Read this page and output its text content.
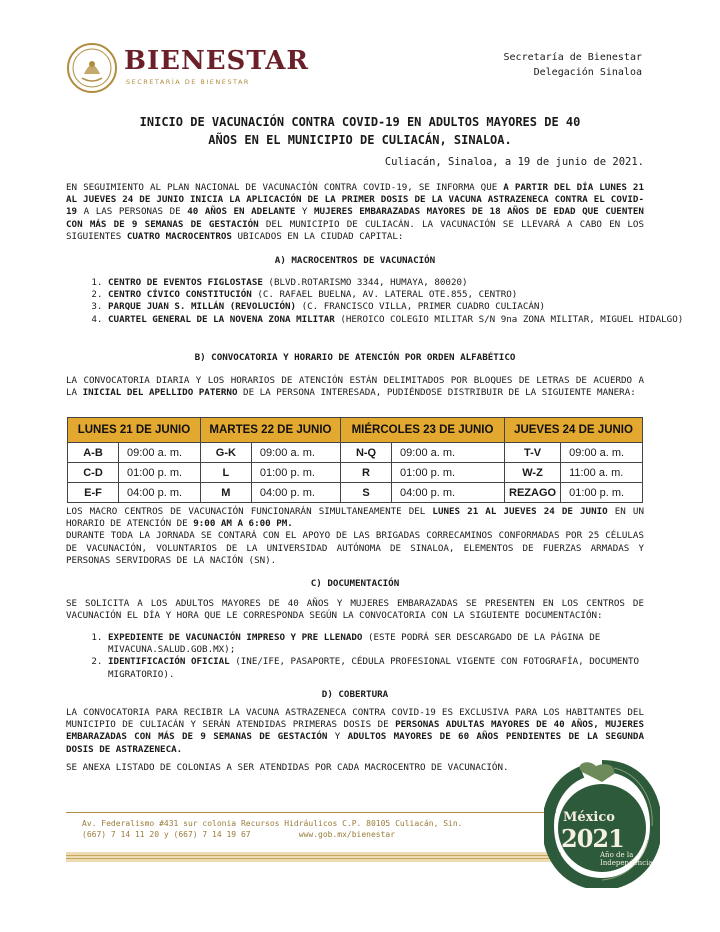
BIENESTAR
SECRETARÍA DE BIENESTAR
Secretaría de Bienestar
Delegación Sinaloa
INICIO DE VACUNACIÓN CONTRA COVID-19 EN ADULTOS MAYORES DE 40
AÑOS EN EL MUNICIPIO DE CULIACÁN, SINALOA.
Culiacán, Sinaloa, a 19 de junio de 2021.
EN SEGUIMIENTO AL PLAN NACIONAL DE VACUNACIÓN CONTRA COVID-19, SE INFORMA QUE A PARTIR DEL DÍA LUNES 21 AL JUEVES 24 DE JUNIO INICIA LA APLICACIÓN DE LA PRIMER DOSIS DE LA VACUNA ASTRAZENECA CONTRA EL COVID-19 A LAS PERSONAS DE 40 AÑOS EN ADELANTE Y MUJERES EMBARAZADAS MAYORES DE 18 AÑOS DE EDAD QUE CUENTEN CON MÁS DE 9 SEMANAS DE GESTACIÓN DEL MUNICIPIO DE CULIACÁN. LA VACUNACIÓN SE LLEVARÁ A CABO EN LOS SIGUIENTES CUATRO MACROCENTROS UBICADOS EN LA CIUDAD CAPITAL:
A) MACROCENTROS DE VACUNACIÓN
1. CENTRO DE EVENTOS FIGLOSTASE (BLVD.ROTARISMO 3344, HUMAYA, 80020)
2. CENTRO CÍVICO CONSTITUCIÓN (C. RAFAEL BUELNA, AV. LATERAL OTE.855, CENTRO)
3. PARQUE JUAN S. MILLÁN (REVOLUCIÓN) (C. FRANCISCO VILLA, PRIMER CUADRO CULIACÁN)
4. CUARTEL GENERAL DE LA NOVENA ZONA MILITAR (HEROICO COLEGIO MILITAR S/N 9na ZONA MILITAR, MIGUEL HIDALGO)
B) CONVOCATORIA Y HORARIO DE ATENCIÓN POR ORDEN ALFABÉTICO
LA CONVOCATORIA DIARIA Y LOS HORARIOS DE ATENCIÓN ESTÁN DELIMITADOS POR BLOQUES DE LETRAS DE ACUERDO A LA INICIAL DEL APELLIDO PATERNO DE LA PERSONA INTERESADA, PUDIÉNDOSE DISTRIBUIR DE LA SIGUIENTE MANERA:
LUNES 21 DE JUNIO		MARTES 22 DE JUNIO		MIÉRCOLES 23 DE JUNIO		JUEVES 24 DE JUNIO	
A-B	09:00 a. m.	G-K	09:00 a. m.	N-Q	09:00 a. m.	T-V	09:00 a. m.
C-D	01:00 p. m.	L	01:00 p. m.	R	01:00 p. m.	W-Z	11:00 a. m.
E-F	04:00 p. m.	M	04:00 p. m.	S	04:00 p. m.	REZAGO	01:00 p. m.
LOS MACRO CENTROS DE VACUNACIÓN FUNCIONARÁN SIMULTANEAMENTE DEL LUNES 21 AL JUEVES 24 DE JUNIO EN UN HORARIO DE ATENCIÓN DE 9:00 AM A 6:00 PM.
DURANTE TODA LA JORNADA SE CONTARÁ CON EL APOYO DE LAS BRIGADAS CORRECAMINOS CONFORMADAS POR 25 CÉLULAS DE VACUNACIÓN, VOLUNTARIOS DE LA UNIVERSIDAD AUTÓNOMA DE SINALOA, ELEMENTOS DE FUERZAS ARMADAS Y PERSONAS SERVIDORAS DE LA NACIÓN (SN).
C) DOCUMENTACIÓN
SE SOLICITA A LOS ADULTOS MAYORES DE 40 AÑOS Y MUJERES EMBARAZADAS SE PRESENTEN EN LOS CENTROS DE VACUNACIÓN EL DÍA Y HORA QUE LE CORRESPONDA SEGÚN LA CONVOCATORIA CON LA SIGUIENTE DOCUMENTACIÓN:
1. EXPEDIENTE DE VACUNACIÓN IMPRESO Y PRE LLENADO (ESTE PODRÁ SER DESCARGADO DE LA PÁGINA DE MIVACUNA.SALUD.GOB.MX);
2. IDENTIFICACIÓN OFICIAL (INE/IFE, PASAPORTE, CÉDULA PROFESIONAL VIGENTE CON FOTOGRAFÍA, DOCUMENTO MIGRATORIO).
D) COBERTURA
LA CONVOCATORIA PARA RECIBIR LA VACUNA ASTRAZENECA CONTRA COVID-19 ES EXCLUSIVA PARA LOS HABITANTES DEL MUNICIPIO DE CULIACÁN Y SERÁN ATENDIDAS PRIMERAS DOSIS DE PERSONAS ADULTAS MAYORES DE 40 AÑOS, MUJERES EMBARAZADAS CON MÁS DE 9 SEMANAS DE GESTACIÓN Y ADULTOS MAYORES DE 60 AÑOS PENDIENTES DE LA SEGUNDA DOSIS DE ASTRAZENECA.
SE ANEXA LISTADO DE COLONIAS A SER ATENDIDAS POR CADA MACROCENTRO DE VACUNACIÓN.
Av. Federalismo #431 sur colonia Recursos Hidráulicos C.P. 80105 Culiacán, Sin.
(667) 7 14 11 20 y (667) 7 14 19 67          www.gob.mx/bienestar
México
2021
Año de la Independencia
